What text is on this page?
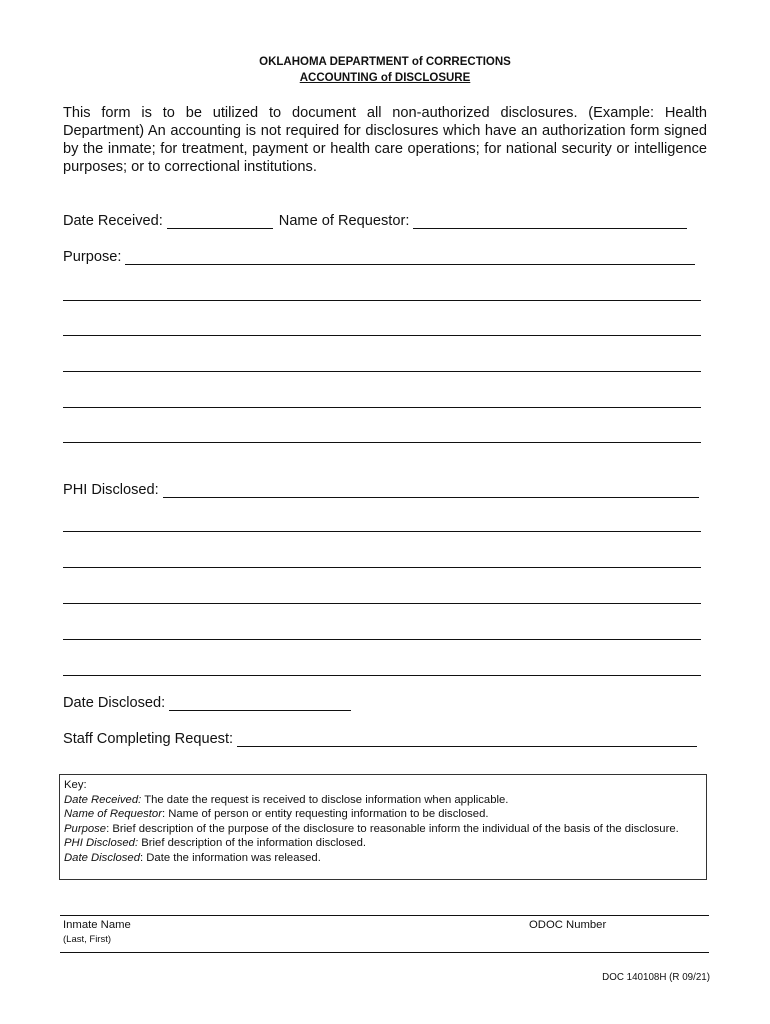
OKLAHOMA DEPARTMENT of CORRECTIONS
ACCOUNTING of DISCLOSURE
This form is to be utilized to document all non-authorized disclosures. (Example: Health Department) An accounting is not required for disclosures which have an authorization form signed by the inmate; for treatment, payment or health care operations; for national security or intelligence purposes; or to correctional institutions.
Date Received:	Name of Requestor:
Purpose:
PHI Disclosed:
Date Disclosed:
Staff Completing Request:
Key:
Date Received: The date the request is received to disclose information when applicable.
Name of Requestor: Name of person or entity requesting information to be disclosed.
Purpose: Brief description of the purpose of the disclosure to reasonable inform the individual of the basis of the disclosure.
PHI Disclosed: Brief description of the information disclosed.
Date Disclosed: Date the information was released.
Inmate Name
(Last, First)
ODOC Number
DOC 140108H (R 09/21)
